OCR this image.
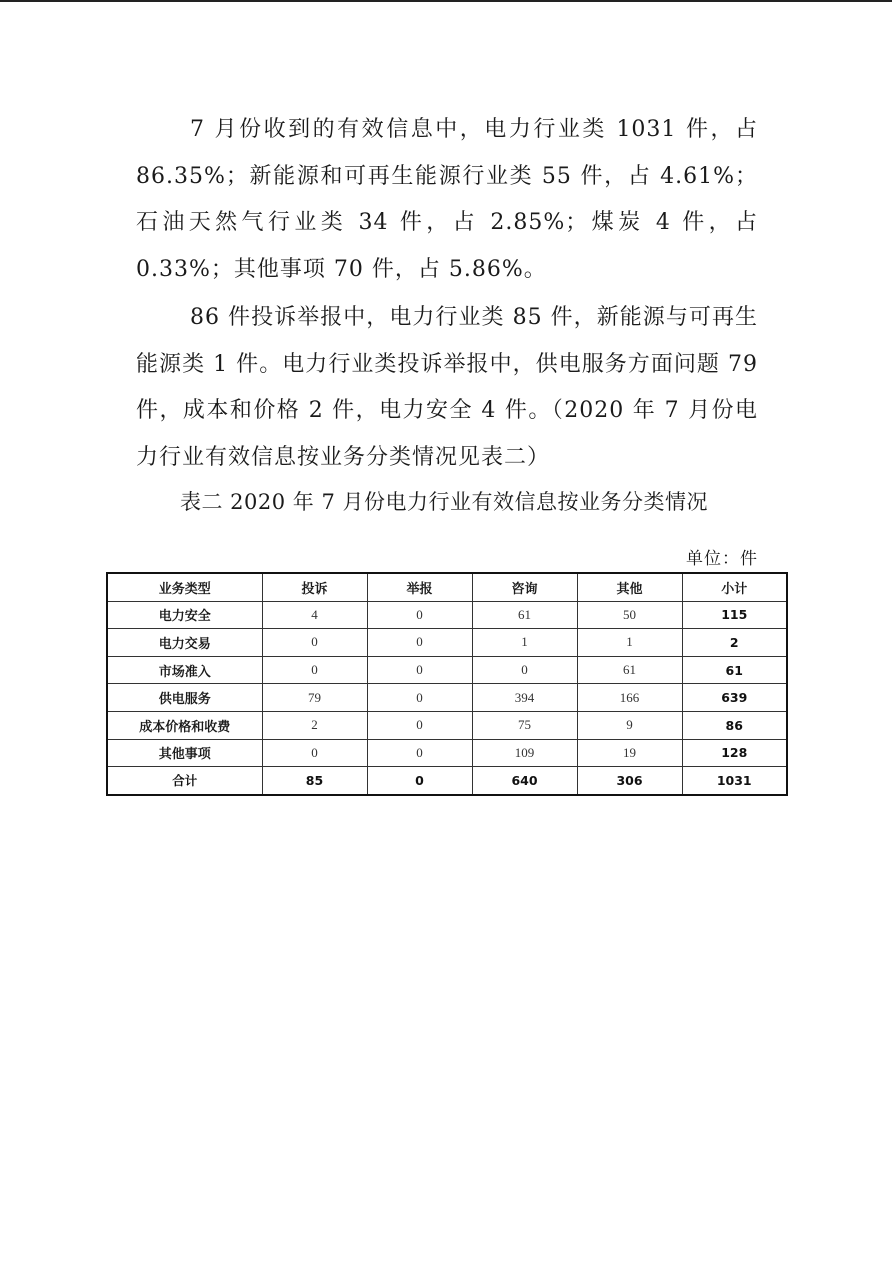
7 月份收到的有效信息中，电力行业类 1031 件，占 86.35%；新能源和可再生能源行业类 55 件，占 4.61%；石油天然气行业类 34 件，占 2.85%；煤炭 4 件，占 0.33%；其他事项 70 件，占 5.86%。

86 件投诉举报中，电力行业类 85 件，新能源与可再生能源类 1 件。电力行业类投诉举报中，供电服务方面问题 79 件，成本和价格 2 件，电力安全 4 件。（2020 年 7 月份电力行业有效信息按业务分类情况见表二）

表二 2020 年 7 月份电力行业有效信息按业务分类情况
单位：件
业务类型	投诉	举报	咨询	其他	小计
电力安全	4	0	61	50	115
电力交易	0	0	1	1	2
市场准入	0	0	0	61	61
供电服务	79	0	394	166	639
成本价格和收费	2	0	75	9	86
其他事项	0	0	109	19	128
合计	85	0	640	306	1031
